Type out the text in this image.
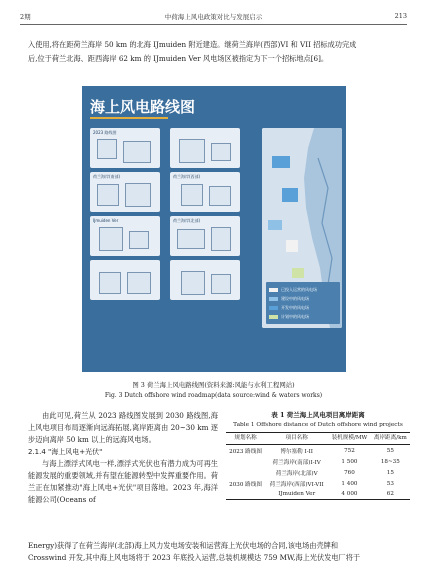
2期	中荷海上风电政策对比与发展启示	213

入使用,将在距荷兰海岸 50 km 的北海 IJmuiden 附近建造。继荷兰海岸(西部)VI 和 VII 招标成功完成

后,位于荷兰北海、距西海岸 62 km 的 IJmuiden Ver 风电场区被指定为下一个招标地点[6]。

海上风电路线图
2023 路线图
荷兰海岸(南部)	荷兰海岸(西部)
IJmuiden Ver	荷兰海岸(北部)
已投入运营的风电场
建设中的风电场
开发中的风电场
计划中的风电场
图 3 荷兰海上风电路线图(资料来源:风能与水利工程网站)
Fig. 3 Dutch offshore wind roadmap(data source:wind & waters works)

由此可见,荷兰从 2023 路线图发展到 2030 路线图,海上风电项目布局逐渐向远海拓展,离岸距离由 20~30 km 逐步迈向离岸 50 km 以上的远海风电场。

2.1.4 "海上风电+光伏"

与海上漂浮式风电一样,漂浮式光伏也有潜力成为可再生能源发展的重要领域,并有望在能源转型中发挥重要作用。荷兰正在加紧推动"海上风电+光伏"项目落地。2023 年,海洋能源公司(Oceans of

表 1 荷兰海上风电项目离岸距离
Table 1 Offshore distance of Dutch offshore wind projects
规划名称	项目名称	装机规模/MW	离岸距离/km
2023 路线图	博尔塞勒 I-II	752	55
	荷兰海岸(南部)I-IV	1 500	18~35
	荷兰海岸(北部)V	760	15
2030 路线图	荷兰海岸(西部)VI-VII	1 400	53
	IJmuiden Ver	4 000	62

Energy)获得了在荷兰海岸(北部)海上风力发电场安装和运营海上光伏电场的合同,该电场由壳牌和

Crosswind 开发,其中海上风电场将于 2023 年底投入运营,总装机规模达 759 MW,海上光伏发电厂将于
